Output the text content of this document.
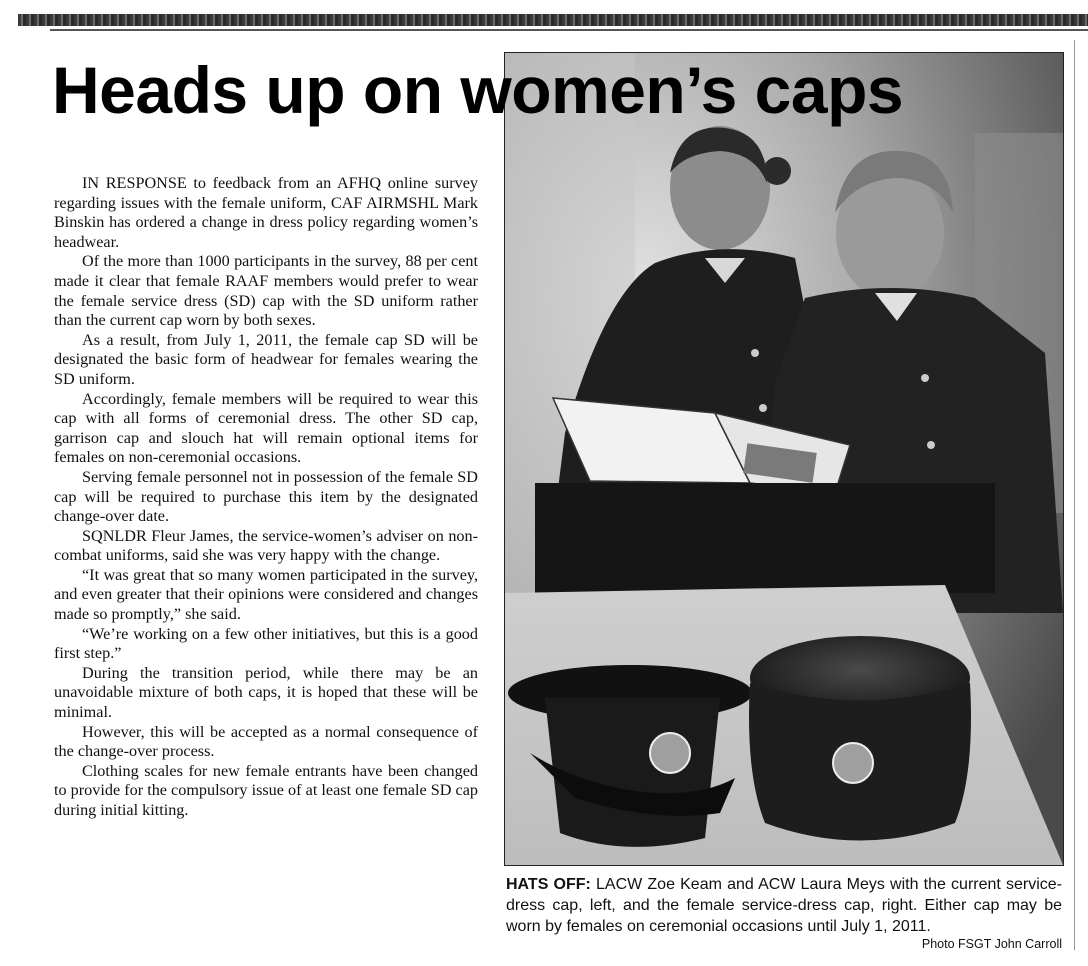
Heads up on women’s caps

IN RESPONSE to feedback from an AFHQ online survey regarding issues with the female uniform, CAF AIRMSHL Mark Binskin has ordered a change in dress policy regarding women’s headwear.

Of the more than 1000 participants in the survey, 88 per cent made it clear that female RAAF members would prefer to wear the female service dress (SD) cap with the SD uniform rather than the current cap worn by both sexes.

As a result, from July 1, 2011, the female cap SD will be designated the basic form of headwear for females wearing the SD uniform.

Accordingly, female members will be required to wear this cap with all forms of ceremonial dress. The other SD cap, garrison cap and slouch hat will remain optional items for females on non-ceremonial occasions.

Serving female personnel not in possession of the female SD cap will be required to purchase this item by the designated change-over date.

SQNLDR Fleur James, the service-women’s adviser on non-combat uniforms, said she was very happy with the change.

“It was great that so many women participated in the survey, and even greater that their opinions were considered and changes made so promptly,” she said.

“We’re working on a few other initiatives, but this is a good first step.”

During the transition period, while there may be an unavoidable mixture of both caps, it is hoped that these will be minimal.

However, this will be accepted as a normal consequence of the change-over process.

Clothing scales for new female entrants have been changed to provide for the compulsory issue of at least one female SD cap during initial kitting.

HATS OFF: LACW Zoe Keam and ACW Laura Meys with the current service-dress cap, left, and the female service-dress cap, right. Either cap may be worn by females on ceremonial occasions until July 1, 2011.
Photo FSGT John Carroll
